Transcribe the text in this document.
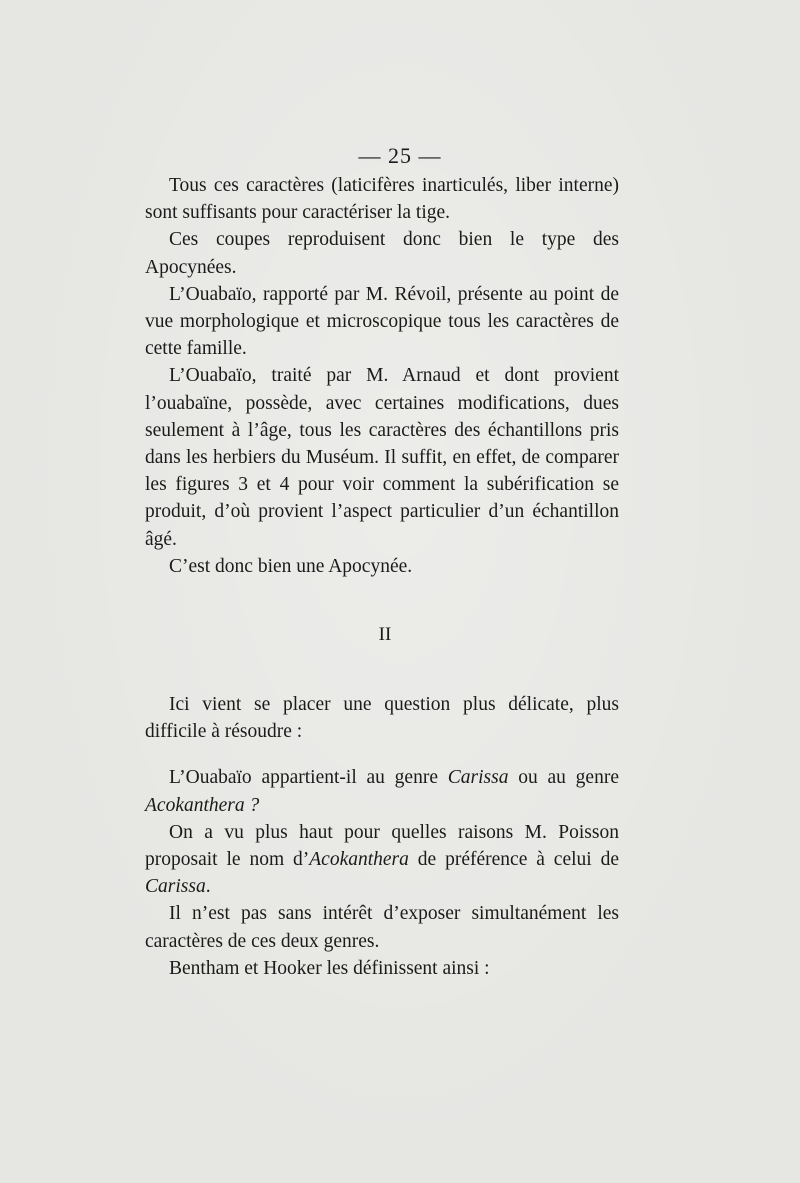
— 25 —

Tous ces caractères (laticifères inarticulés, liber interne) sont suffisants pour caractériser la tige.

Ces coupes reproduisent donc bien le type des Apocynées.

L’Ouabaïo, rapporté par M. Révoil, présente au point de vue morphologique et microscopique tous les caractères de cette famille.

L’Ouabaïo, traité par M. Arnaud et dont provient l’ouabaïne, possède, avec certaines modifications, dues seulement à l’âge, tous les caractères des échantillons pris dans les herbiers du Muséum. Il suffit, en effet, de comparer les figures 3 et 4 pour voir comment la subérification se produit, d’où provient l’aspect particulier d’un échantillon âgé.

C’est donc bien une Apocynée.

II

Ici vient se placer une question plus délicate, plus difficile à résoudre :

L’Ouabaïo appartient-il au genre Carissa ou au genre Acokanthera ?

On a vu plus haut pour quelles raisons M. Poisson proposait le nom d’Acokanthera de préférence à celui de Carissa.

Il n’est pas sans intérêt d’exposer simultanément les caractères de ces deux genres.

Bentham et Hooker les définissent ainsi :
